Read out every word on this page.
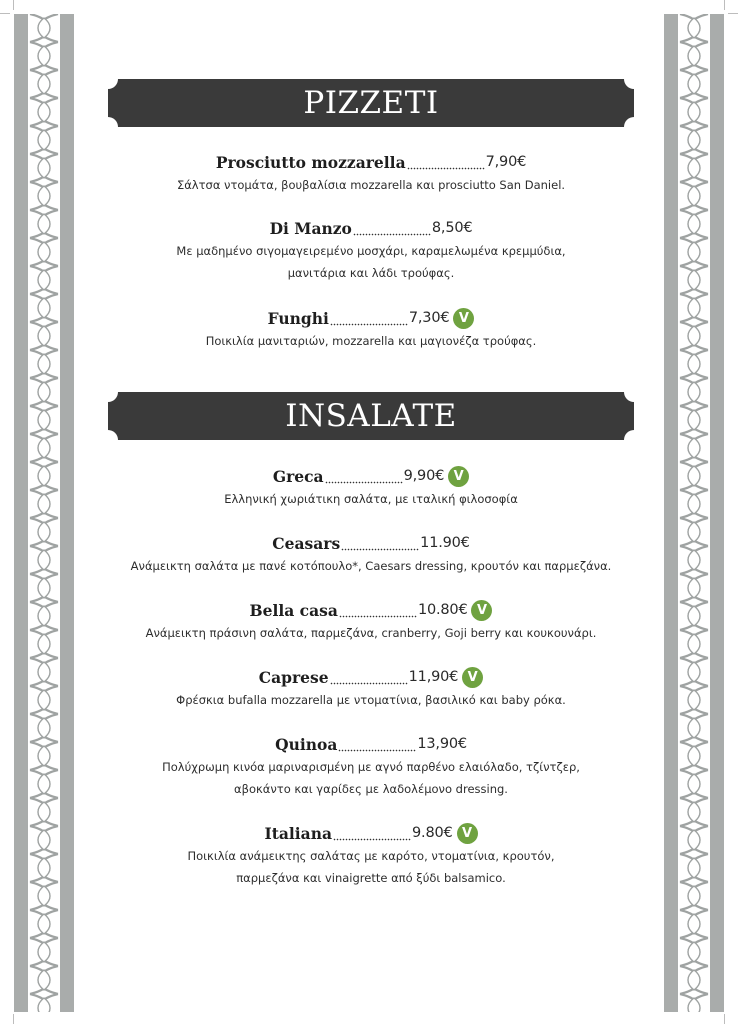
PIZZETI
Prosciutto mozzarella	7,90€
Σάλτσα ντομάτα, βουβαλίσια mozzarella και prosciutto San Daniel.
Di Manzo	8,50€
Με μαδημένο σιγομαγειρεμένο μοσχάρι, καραμελωμένα κρεμμύδια,
μανιτάρια και λάδι τρούφας.
Funghi	7,30€ V
Ποικιλία μανιταριών, mozzarella και μαγιονέζα τρούφας.
INSALATE
Greca	9,90€ V
Ελληνική χωριάτικη σαλάτα, με ιταλική φιλοσοφία
Ceasars	11.90€
Ανάμεικτη σαλάτα με πανέ κοτόπουλο*, Caesars dressing, κρουτόν και παρμεζάνα.
Bella casa	10.80€ V
Ανάμεικτη πράσινη σαλάτα, παρμεζάνα, cranberry, Goji berry και κουκουνάρι.
Caprese	11,90€ V
Φρέσκια bufalla mozzarella με ντοματίνια, βασιλικό και baby ρόκα.
Quinoa	13,90€
Πολύχρωμη κινόα μαριναρισμένη με αγνό παρθένο ελαιόλαδο, τζίντζερ,
αβοκάντο και γαρίδες με λαδολέμονο dressing.
Italiana	9.80€ V
Ποικιλία ανάμεικτης σαλάτας με καρότο, ντοματίνια, κρουτόν,
παρμεζάνα και vinaigrette από ξύδι balsamico.
